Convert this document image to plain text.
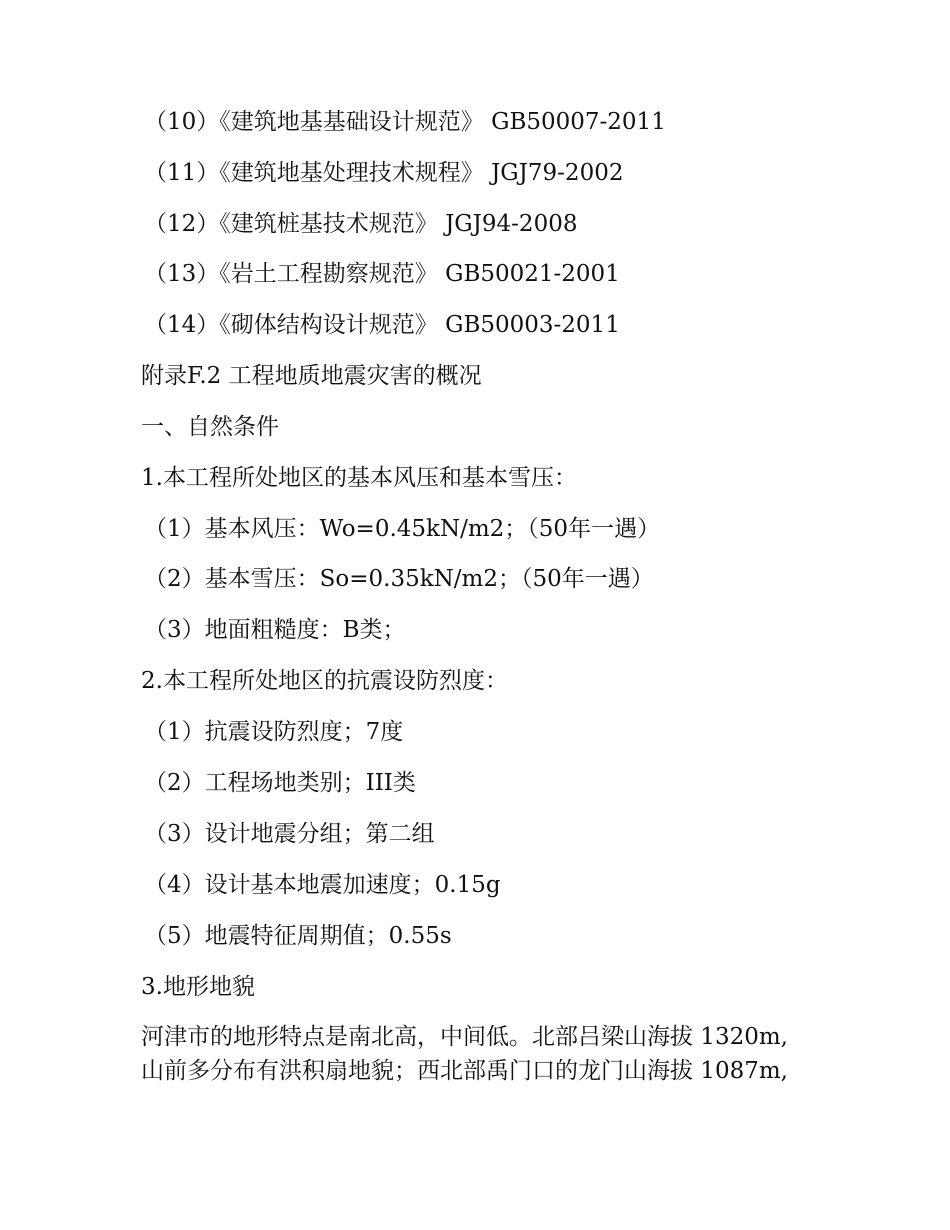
（10）《建筑地基基础设计规范》 GB50007-2011
（11）《建筑地基处理技术规程》 JGJ79-2002
（12）《建筑桩基技术规范》 JGJ94-2008
（13）《岩土工程勘察规范》 GB50021-2001
（14）《砌体结构设计规范》 GB50003-2011
附录F.2 工程地质地震灾害的概况
一、自然条件
1.本工程所处地区的基本风压和基本雪压：
（1）基本风压：Wo=0.45kN/m2；（50年一遇）
（2）基本雪压：So=0.35kN/m2；（50年一遇）
（3）地面粗糙度：B类；
2.本工程所处地区的抗震设防烈度：
（1）抗震设防烈度；7度
（2）工程场地类别；III类
（3）设计地震分组；第二组
（4）设计基本地震加速度；0.15g
（5）地震特征周期值；0.55s
3.地形地貌
河津市的地形特点是南北高，中间低。北部吕梁山海拔 1320m,
山前多分布有洪积扇地貌；西北部禹门口的龙门山海拔 1087m,
